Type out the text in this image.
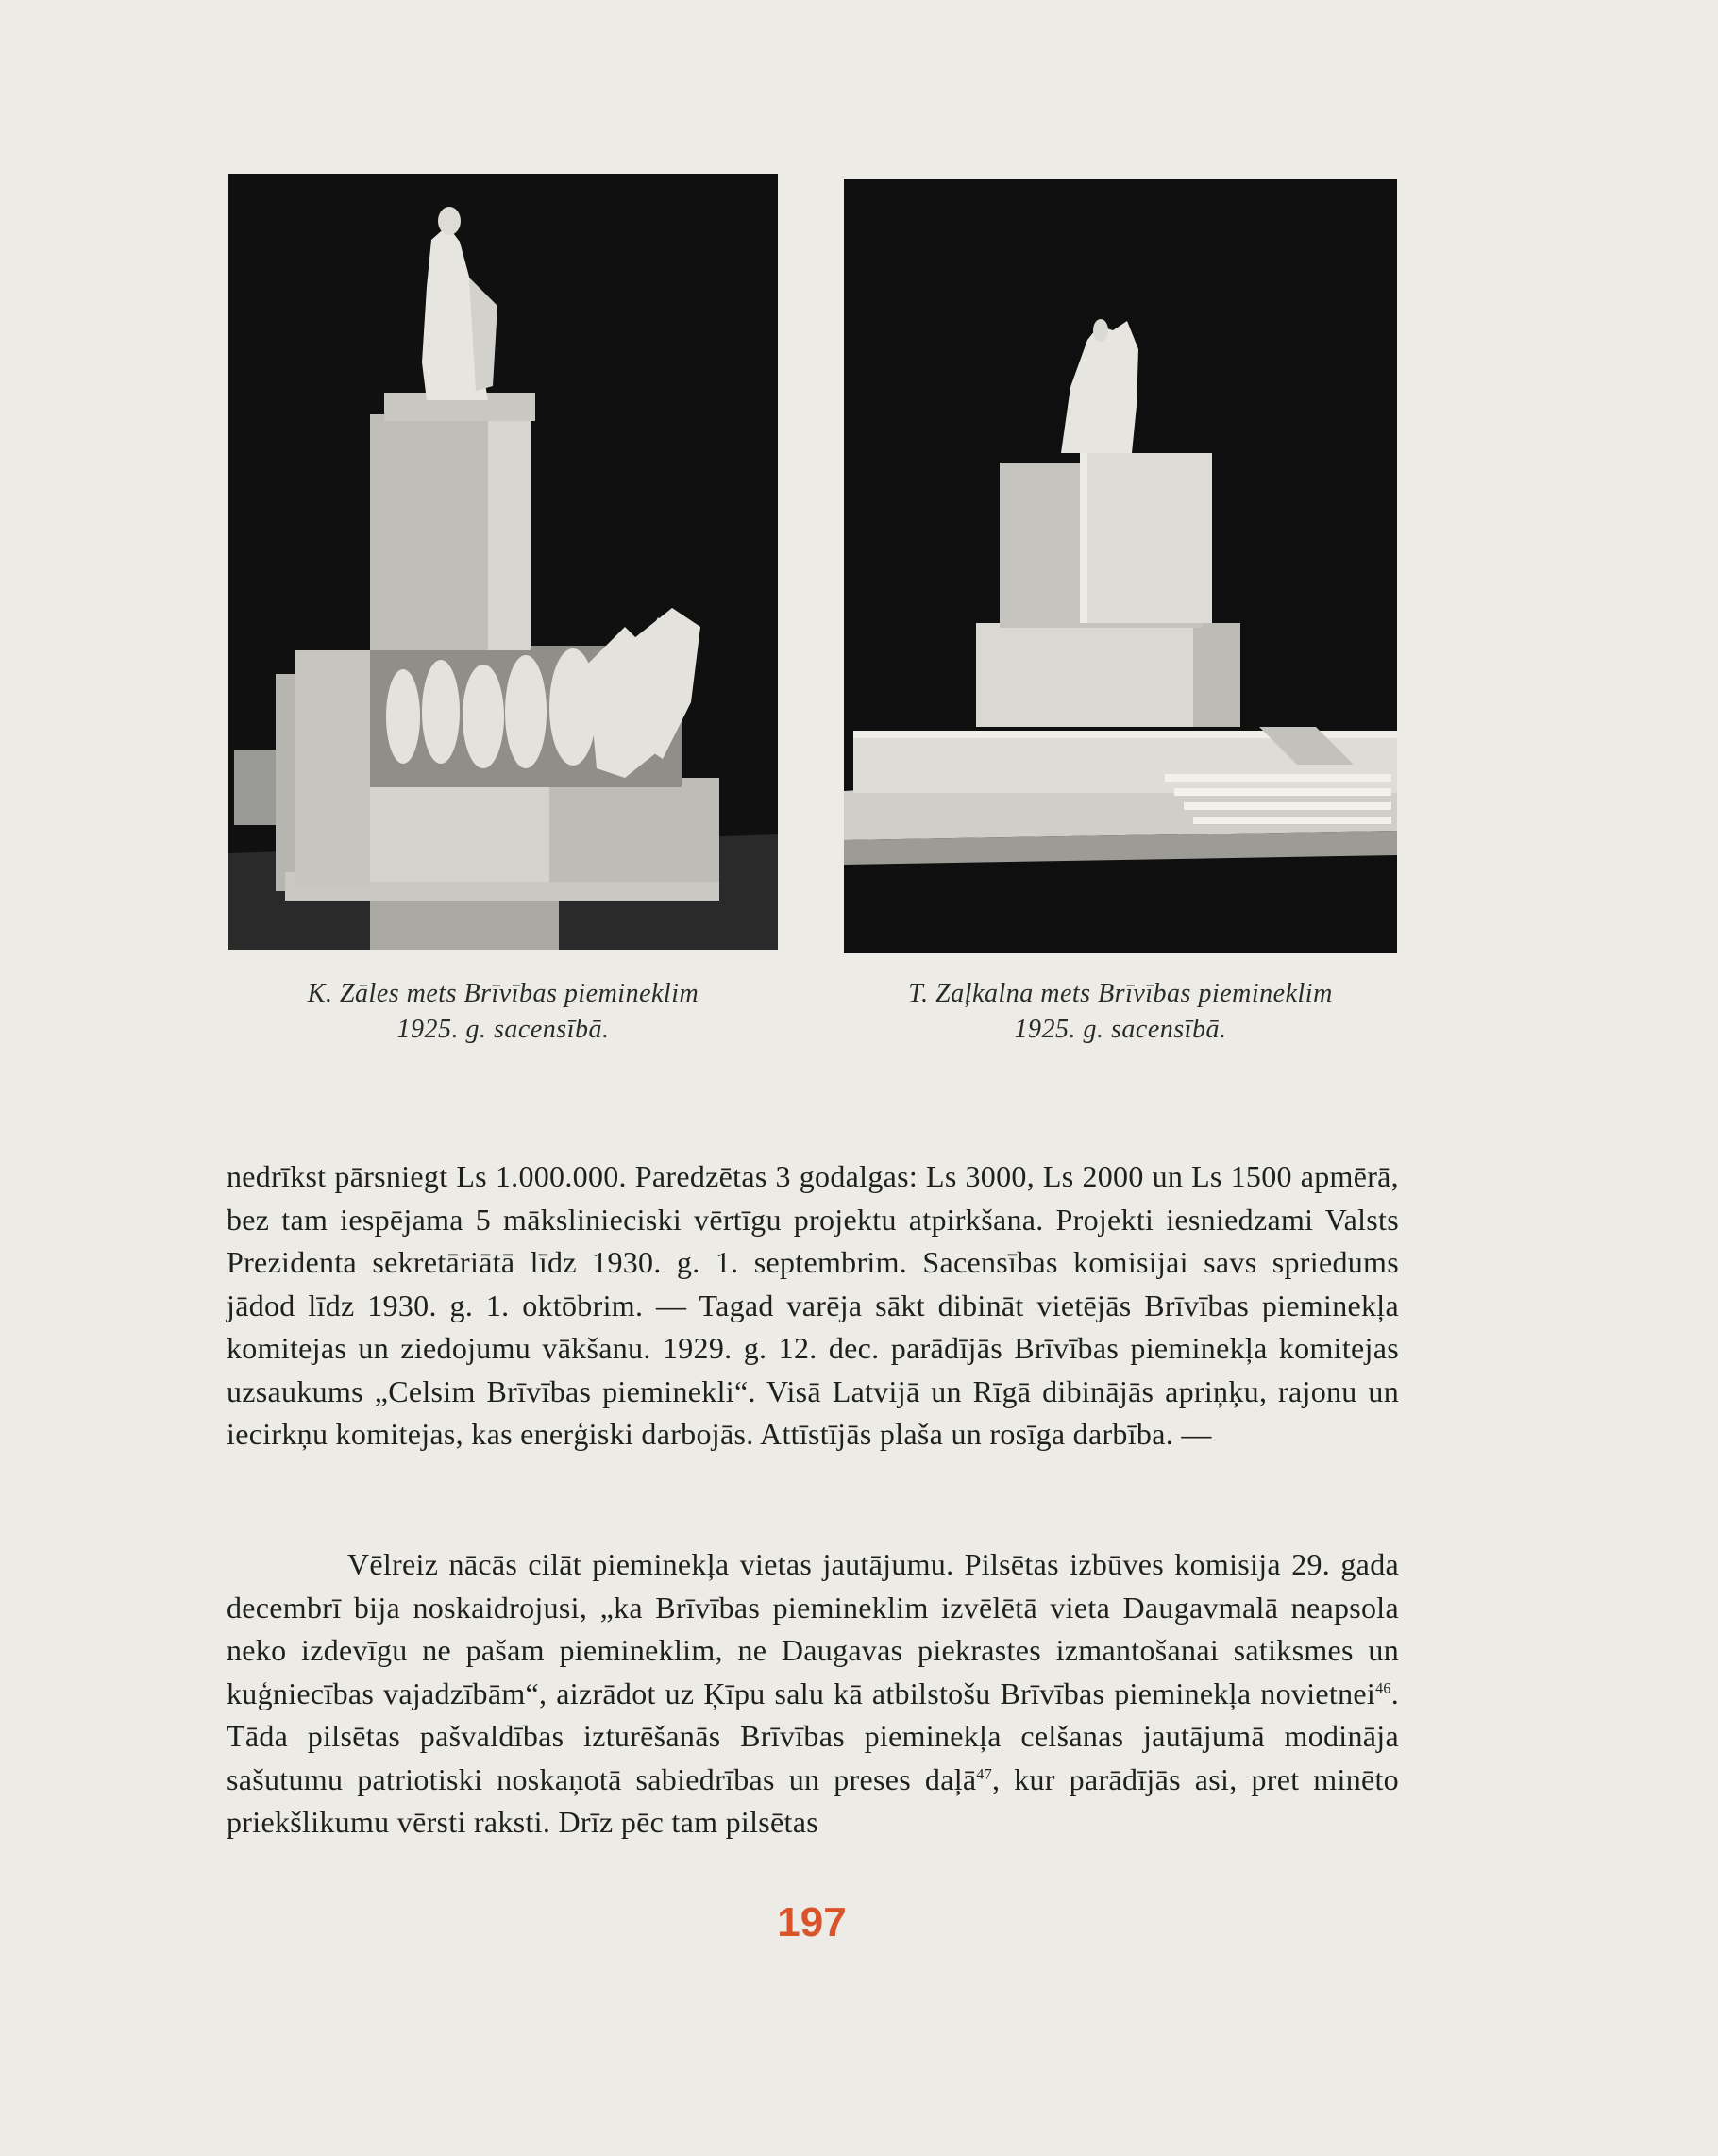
K. Zāles mets Brīvības piemineklim
1925. g. sacensībā.
T. Zaļkalna mets Brīvības piemineklim
1925. g. sacensībā.
nedrīkst pārsniegt Ls 1.000.000. Paredzētas 3 godalgas: Ls 3000, Ls 2000 un Ls 1500 apmērā, bez tam iespējama 5 mākslinieciski vērtīgu projektu atpirkšana. Projekti iesniedzami Valsts Prezidenta sekretāriātā līdz 1930. g. 1. septembrim. Sacensības komisijai savs spriedums jādod līdz 1930. g. 1. oktōbrim. — Tagad varēja sākt dibināt vietējās Brīvības pieminekļa komitejas un ziedojumu vākšanu. 1929. g. 12. dec. parādījās Brīvības pieminekļa komitejas uzsaukums „Celsim Brīvības pieminekli“. Visā Latvijā un Rīgā dibinājās apriņķu, rajonu un iecirkņu komitejas, kas enerģiski darbojās. Attīstījās plaša un rosīga darbība. —
Vēlreiz nācās cilāt pieminekļa vietas jautājumu. Pilsētas izbūves komisija 29. gada decembrī bija noskaidrojusi, „ka Brīvības piemineklim izvēlētā vieta Daugavmalā neapsola neko izdevīgu ne pašam piemineklim, ne Daugavas piekrastes izmantošanai satiksmes un kuģniecības vajadzībām“, aizrādot uz Ķīpu salu kā atbilstošu Brīvības pieminekļa novietnei$^{46}$. Tāda pilsētas pašvaldības izturēšanās Brīvības pieminekļa celšanas jautājumā modināja sašutumu patriotiski noskaņotā sabiedrības un preses daļā$^{47}$, kur parādījās asi, pret minēto priekšlikumu vērsti raksti. Drīz pēc tam pilsētas
197
